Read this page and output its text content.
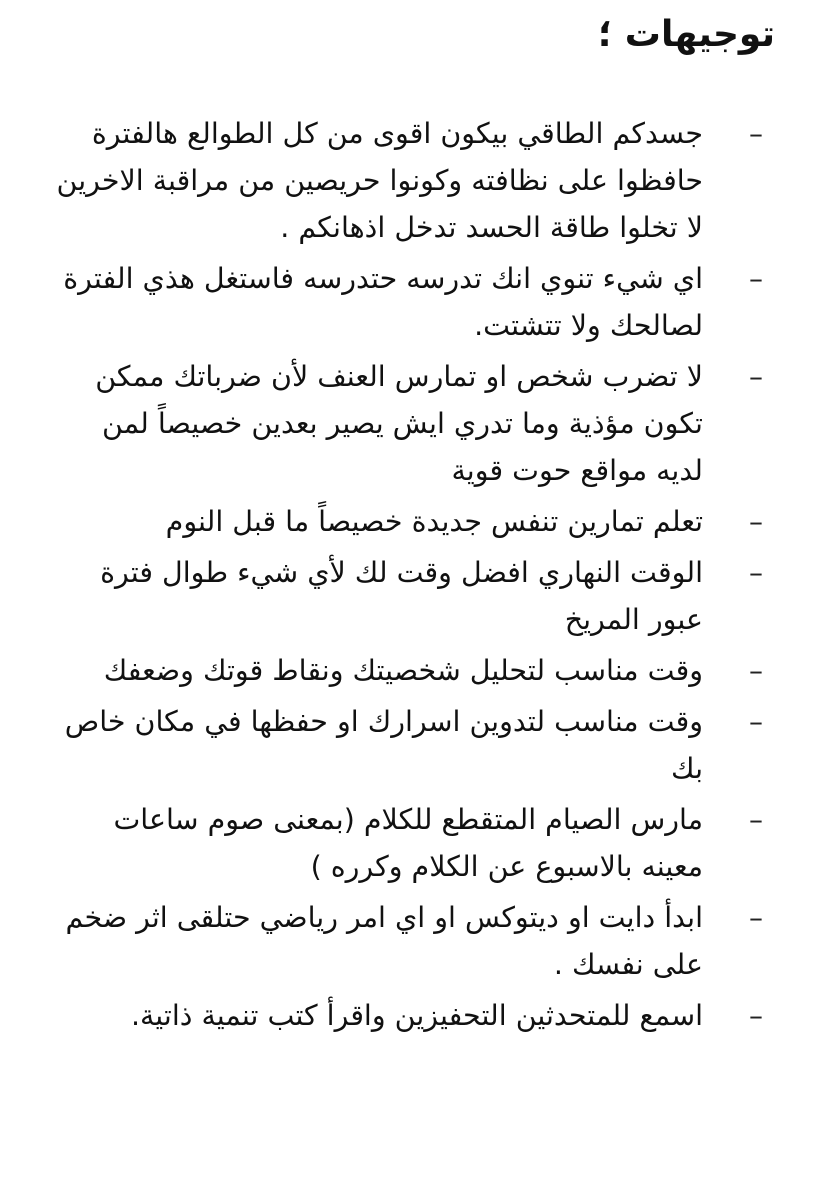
توجيهات ؛
–
جسدكم الطاقي بيكون اقوى من كل الطوالع هالفترة حافظوا على نظافته وكونوا حريصين من مراقبة الاخرين لا تخلوا طاقة الحسد تدخل اذهانكم .
–
اي شيء تنوي انك تدرسه حتدرسه فاستغل هذي الفترة لصالحك ولا تتشتت.
–
لا تضرب شخص او تمارس العنف لأن ضرباتك ممكن تكون مؤذية وما تدري ايش يصير بعدين خصيصاً لمن لديه مواقع حوت قوية
–
تعلم تمارين تنفس جديدة خصيصاً ما قبل النوم
–
الوقت النهاري افضل وقت لك لأي شيء طوال فترة عبور المريخ
–
وقت مناسب لتحليل شخصيتك ونقاط قوتك وضعفك
–
وقت مناسب لتدوين اسرارك او حفظها في مكان خاص بك
–
مارس الصيام المتقطع للكلام (بمعنى صوم ساعات معينه بالاسبوع عن الكلام وكرره )
–
ابدأ دايت او ديتوكس او اي امر رياضي حتلقى اثر ضخم على نفسك .
–
اسمع للمتحدثين التحفيزين واقرأ كتب تنمية ذاتية.
